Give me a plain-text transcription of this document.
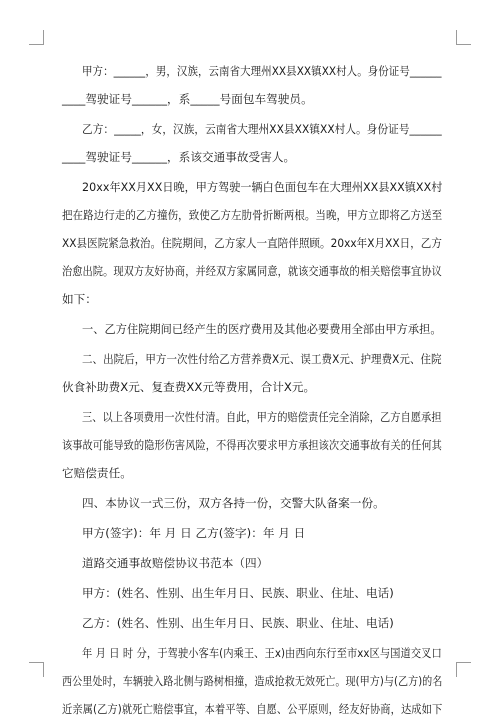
甲方：______，男，汉族，云南省大理州XX县XX镇XX村人。身份证号______
____驾驶证号______，系_____号面包车驾驶员。
乙方：_____，女，汉族，云南省大理州XX县XX镇XX村人。身份证号______
____驾驶证号______，系该交通事故受害人。
20xx年XX月XX日晚，甲方驾驶一辆白色面包车在大理州XX县XX镇XX村
把在路边行走的乙方撞伤，致使乙方左肋骨折断两根。当晚，甲方立即将乙方送至
XX县医院紧急救治。住院期间，乙方家人一直陪伴照顾。20xx年X月XX日，乙方
治愈出院。现双方友好协商，并经双方家属同意，就该交通事故的相关赔偿事宜协议
如下：
一、乙方住院期间已经产生的医疗费用及其他必要费用全部由甲方承担。
二、出院后，甲方一次性付给乙方营养费X元、误工费X元、护理费X元、住院
伙食补助费X元、复查费XX元等费用，合计X元。
三、以上各项费用一次性付清。自此，甲方的赔偿责任完全消除，乙方自愿承担
该事故可能导致的隐形伤害风险，不得再次要求甲方承担该次交通事故有关的任何其
它赔偿责任。
四、本协议一式三份，双方各持一份，交警大队备案一份。
甲方(签字)：年 月 日 乙方(签字)：年 月 日
道路交通事故赔偿协议书范本（四）
甲方：(姓名、性别、出生年月日、民族、职业、住址、电话)
乙方：(姓名、性别、出生年月日、民族、职业、住址、电话)
年 月 日 时 分，于驾驶小客车(内乘王、王x)由西向东行至市xx区与国道交叉口
西公里处时，车辆驶入路北侧与路树相撞，造成抢救无效死亡。现(甲方)与(乙方)的名
近亲属(乙方)就死亡赔偿事宜，本着平等、自愿、公平原则，经友好协商，达成如下
